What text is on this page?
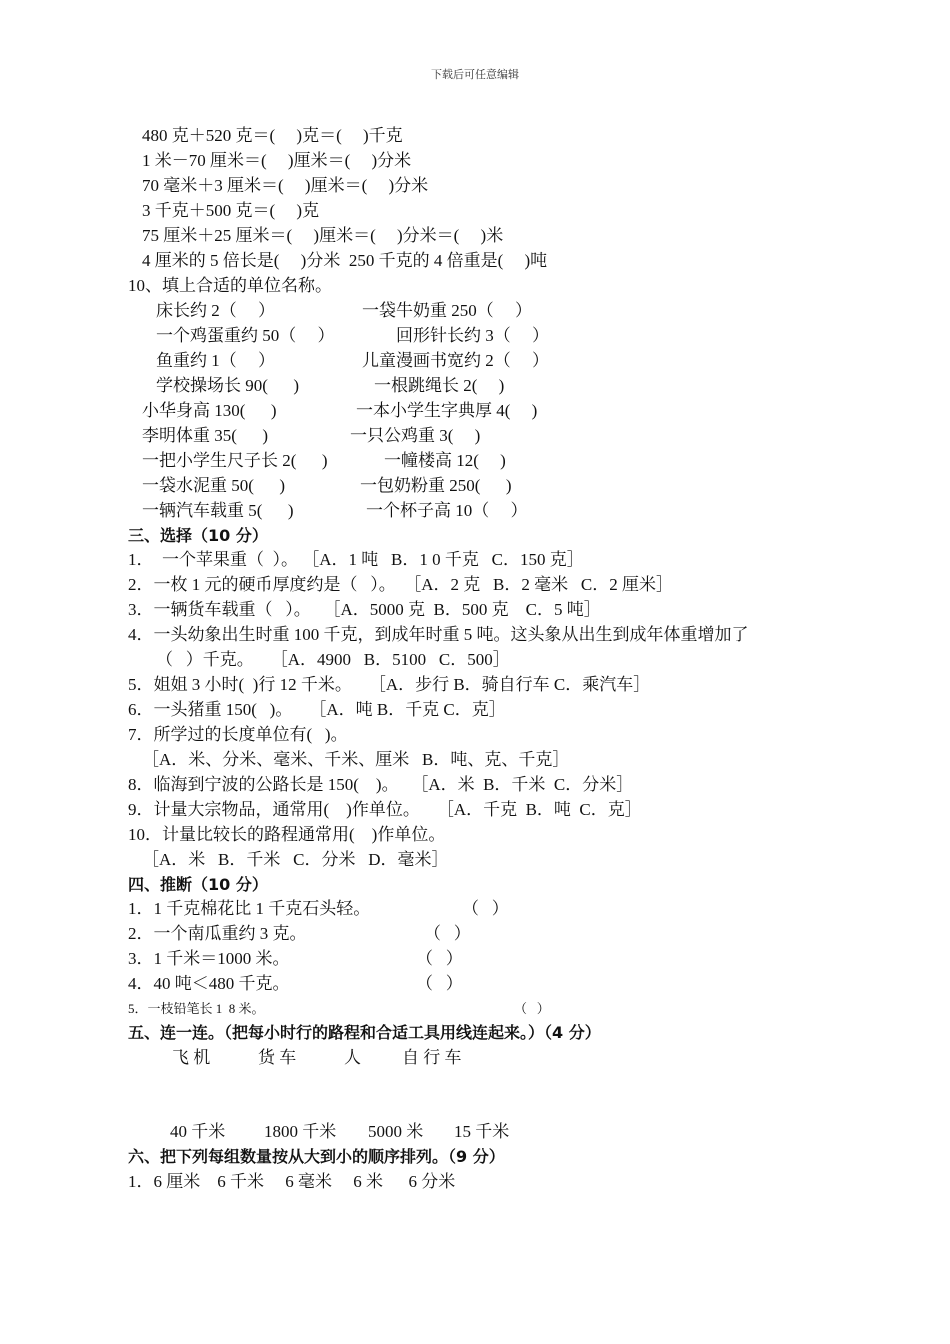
下载后可任意编辑
480 克＋520 克＝(　 )克＝(　 )千克
1 米－70 厘米＝(　 )厘米＝(　 )分米
70 毫米＋3 厘米＝(　 )厘米＝(　 )分米
3 千克＋500 克＝(　 )克
75 厘米＋25 厘米＝(　 )厘米＝(　 )分米＝(　 )米
4 厘米的 5 倍长是(　 )分米  250 千克的 4 倍重是(　 )吨
10、填上合适的单位名称。
床长约 2（　 ）	一袋牛奶重 250（　 ）
一个鸡蛋重约 50（　 ）	回形针长约 3（　 ）
鱼重约 1（　 ）	儿童漫画书宽约 2（　 ）
学校操场长 90(　  )	一根跳绳长 2(　 )
小华身高 130(　  )	一本小学生字典厚 4(　 )
李明体重 35(　  )	一只公鸡重 3(　 )
一把小学生尺子长 2(　  )	一幢楼高 12(　 )
一袋水泥重 50(　  )	一包奶粉重 250(　  )
一辆汽车载重 5(　  )	一个杯子高 10（　 ）
三、选择（10 分）
1．  一个苹果重（  ）。 ［A．1 吨   B．1 0 千克   C．150 克］
2．一枚 1 元的硬币厚度约是（   ）。  ［A．2 克   B．2 毫米   C．2 厘米］
3．一辆货车载重（   ）。   ［A．5000 克  B．500 克    C．5 吨］
4．一头幼象出生时重 100 千克，到成年时重 5 吨。这头象从出生到成年体重增加了
（   ）千克。    ［A．4900   B．5100   C．500］
5．姐姐 3 小时(  )行 12 千米。    ［A．步行 B．骑自行车 C．乘汽车］
6．一头猪重 150(   )。    ［A．吨 B．千克 C．克］
7．所学过的长度单位有(   )。
［A．米、分米、毫米、千米、厘米   B．吨、克、千克］
8．临海到宁波的公路长是 150(    )。   ［A．米  B．千米  C．分米］
9．计量大宗物品，通常用(    )作单位。    ［A．千克  B．吨  C．克］
10．计量比较长的路程通常用(    )作单位。
［A．米   B．千米   C．分米   D．毫米］
四、推断（10 分）
1．1 千克棉花比 1 千克石头轻。	（   ）
2．一个南瓜重约 3 克。	（   ）
3．1 千米＝1000 米。	（   ）
4．40 吨＜480 千克。	（   ）
5．一枝铅笔长 1  8 米。	（   ）
五、连一连。（把每小时行的路程和合适工具用线连起来。）（4 分）
飞 机	货 车	人 自 行 车
40 千米 1800 千米 5000 米 15 千米
六、把下列每组数量按从大到小的顺序排列。（9 分）
1．6 厘米    6 千米     6 毫米     6 米      6 分米
